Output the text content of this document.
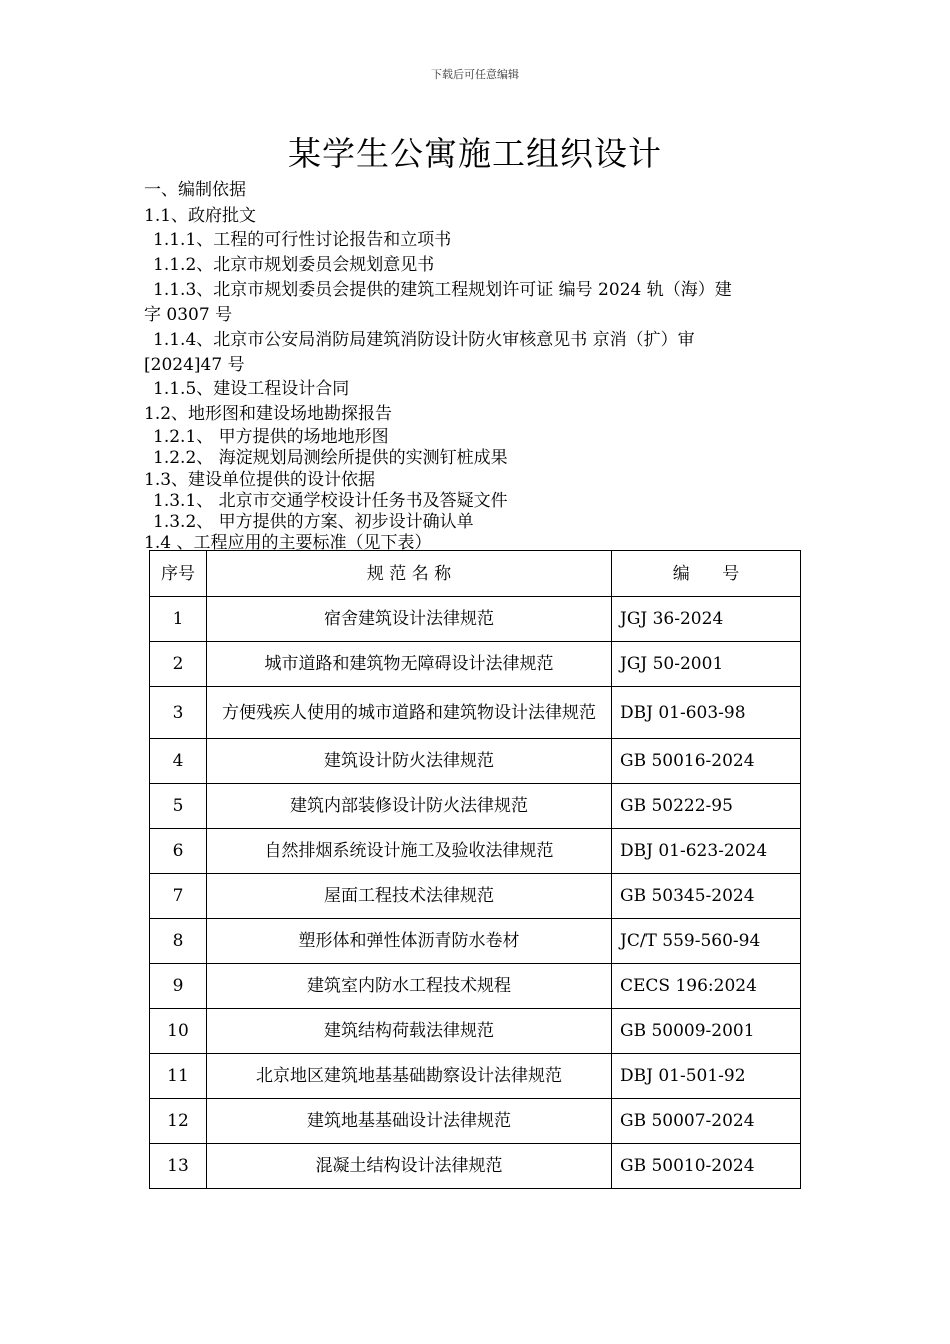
下载后可任意编辑
某学生公寓施工组织设计
一、编制依据
1.1、政府批文
1.1.1、工程的可行性讨论报告和立项书
1.1.2、北京市规划委员会规划意见书
1.1.3、北京市规划委员会提供的建筑工程规划许可证 编号 2024 轨（海）建
字 0307 号
1.1.4、北京市公安局消防局建筑消防设计防火审核意见书 京消（扩）审
[2024]47 号
1.1.5、建设工程设计合同
1.2、地形图和建设场地勘探报告
1.2.1、 甲方提供的场地地形图
1.2.2、 海淀规划局测绘所提供的实测钉桩成果
1.3、建设单位提供的设计依据
1.3.1、 北京市交通学校设计任务书及答疑文件
1.3.2、 甲方提供的方案、初步设计确认单
1.4 、工程应用的主要标准（见下表）
序号	规 范 名 称	编      号
1	宿舍建筑设计法律规范	JGJ 36-2024
2	城市道路和建筑物无障碍设计法律规范	JGJ 50-2001
3	方便残疾人使用的城市道路和建筑物设计法律规范	DBJ 01-603-98
4	建筑设计防火法律规范	GB 50016-2024
5	建筑内部装修设计防火法律规范	GB 50222-95
6	自然排烟系统设计施工及验收法律规范	DBJ 01-623-2024
7	屋面工程技术法律规范	GB 50345-2024
8	塑形体和弹性体沥青防水卷材	JC/T 559-560-94
9	建筑室内防水工程技术规程	CECS 196:2024
10	建筑结构荷载法律规范	GB 50009-2001
11	北京地区建筑地基基础勘察设计法律规范	DBJ 01-501-92
12	建筑地基基础设计法律规范	GB 50007-2024
13	混凝土结构设计法律规范	GB 50010-2024
